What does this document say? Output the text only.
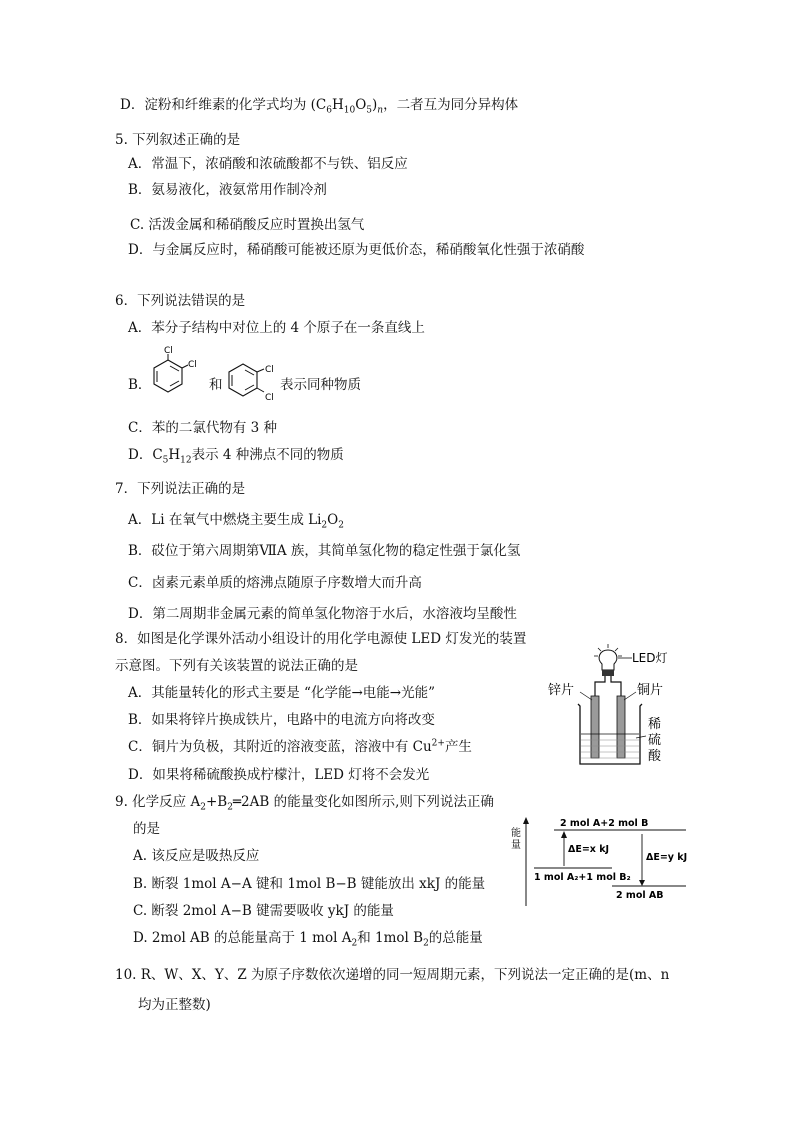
D．淀粉和纤维素的化学式均为 $(C_6H_{10}O_5)_n$，二者互为同分异构体
5. 下列叙述正确的是
A．常温下，浓硝酸和浓硫酸都不与铁、铝反应
B．氨易液化，液氨常用作制冷剂
C. 活泼金属和稀硝酸反应时置换出氢气
D．与金属反应时，稀硝酸可能被还原为更低价态，稀硝酸氧化性强于浓硝酸
6．下列说法错误的是
A．苯分子结构中对位上的 4 个原子在一条直线上
B．
Cl
Cl
和
Cl
Cl
表示同种物质
C．苯的二氯代物有 3 种
D．$C_5H_{12}$表示 4 种沸点不同的物质
7．下列说法正确的是
A．Li 在氧气中燃烧主要生成 $Li_2O_2$
B．砹位于第六周期第ⅦA 族，其简单氢化物的稳定性强于氯化氢
C．卤素元素单质的熔沸点随原子序数增大而升高
D．第二周期非金属元素的简单氢化物溶于水后，水溶液均呈酸性
8．如图是化学课外活动小组设计的用化学电源使 LED 灯发光的装置
示意图。下列有关该装置的说法正确的是
A．其能量转化的形式主要是 “化学能→电能→光能”
B．如果将锌片换成铁片，电路中的电流方向将改变
C．铜片为负极，其附近的溶液变蓝，溶液中有 $Cu^{2+}$产生
D．如果将稀硫酸换成柠檬汁，LED 灯将不会发光
LED灯
锌片	铜片
稀
硫
酸
9. 化学反应 $A_2+B_2═2AB$ 的能量变化如图所示,则下列说法正确
的是
A. 该反应是吸热反应
B. 断裂 1mol A−A 键和 1mol B−B 键能放出 xkJ 的能量
C. 断裂 2mol A−B 键需要吸收 ykJ 的能量
D. 2mol AB 的总能量高于 1 mol $A_2$和 1mol $B_2$的总能量
能
量
2 mol A+2 mol B
1 mol A₂+1 mol B₂
2 mol AB
ΔE=x kJ
ΔE=y kJ
10. R、W、X、Y、Z 为原子序数依次递增的同一短周期元素，下列说法一定正确的是(m、n
均为正整数)
